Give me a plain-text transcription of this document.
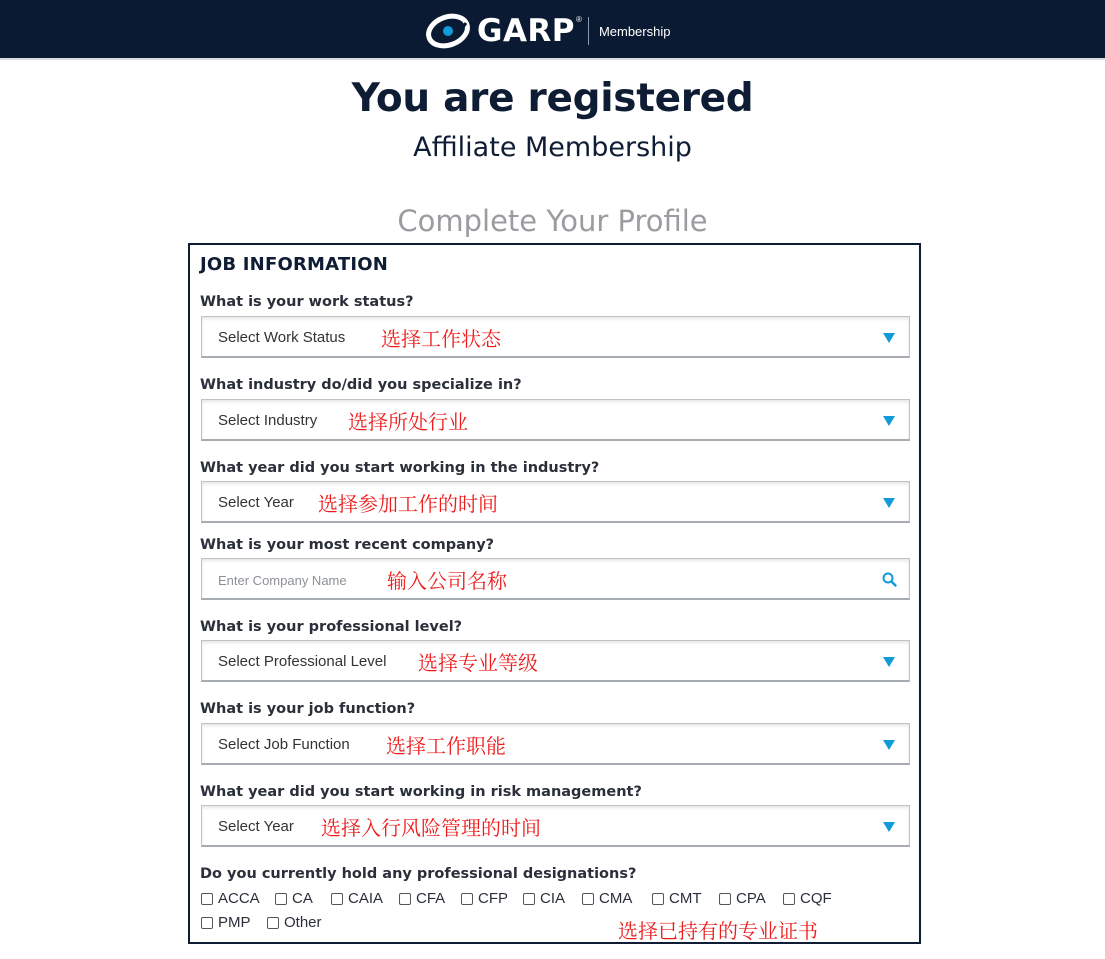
GARP ®
Membership
You are registered
Affiliate Membership
Complete Your Profile
JOB INFORMATION
What is your work status?
Select Work Status 选择工作状态
What industry do/did you specialize in?
Select Industry 选择所处行业
What year did you start working in the industry?
Select Year 选择参加工作的时间
What is your most recent company?
Enter Company Name 输入公司名称
What is your professional level?
Select Professional Level 选择专业等级
What is your job function?
Select Job Function 选择工作职能
What year did you start working in risk management?
Select Year 选择入行风险管理的时间
Do you currently hold any professional designations?
ACCA CA CAIA CFA CFP CIA CMA CMT CPA CQF
PMP Other	选择已持有的专业证书
